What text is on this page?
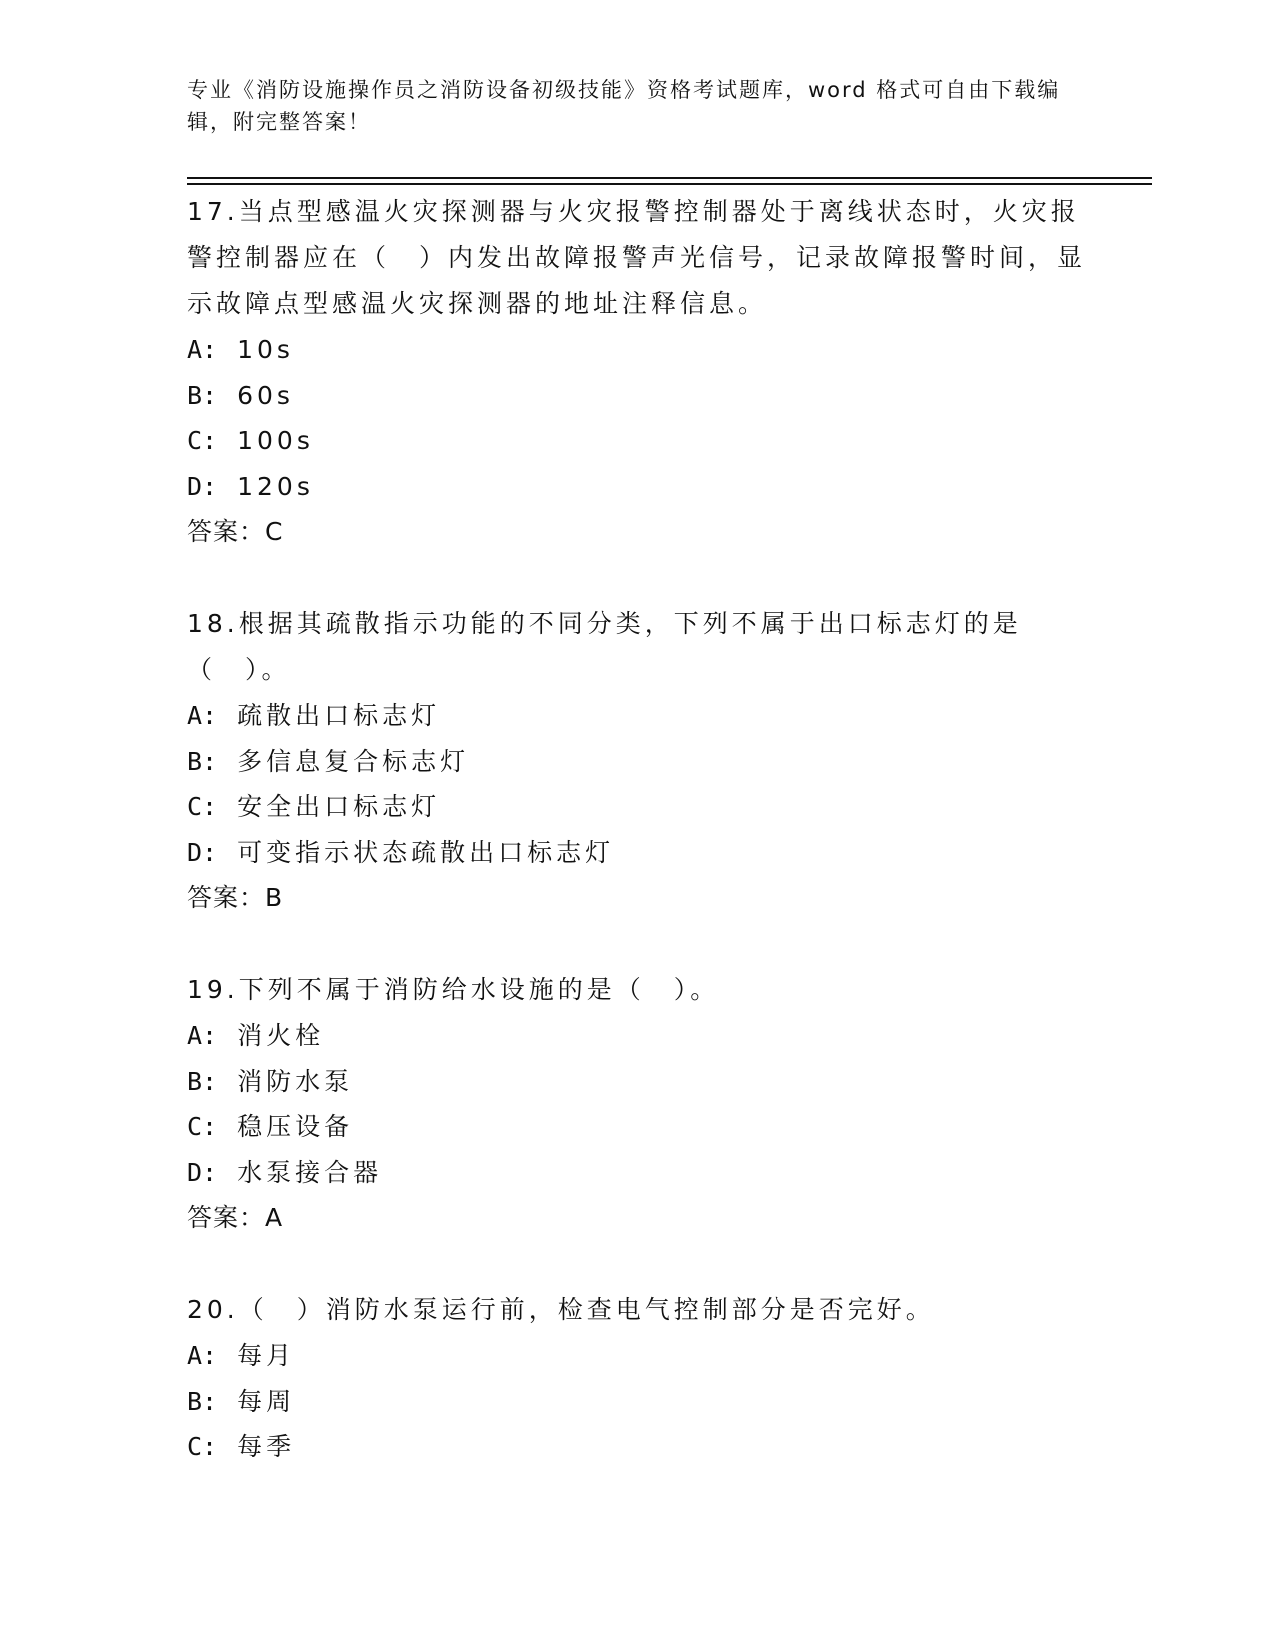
专业《消防设施操作员之消防设备初级技能》资格考试题库，word 格式可自由下载编辑，附完整答案！

17.当点型感温火灾探测器与火灾报警控制器处于离线状态时，火灾报警控制器应在（　）内发出故障报警声光信号，记录故障报警时间，显示故障点型感温火灾探测器的地址注释信息。

A: 10s

B: 60s

C: 100s

D: 120s

答案：C

18.根据其疏散指示功能的不同分类，下列不属于出口标志灯的是（　）。

A: 疏散出口标志灯

B: 多信息复合标志灯

C: 安全出口标志灯

D: 可变指示状态疏散出口标志灯

答案：B

19.下列不属于消防给水设施的是（　）。

A: 消火栓

B: 消防水泵

C: 稳压设备

D: 水泵接合器

答案：A

20.（　）消防水泵运行前，检查电气控制部分是否完好。

A: 每月

B: 每周

C: 每季
